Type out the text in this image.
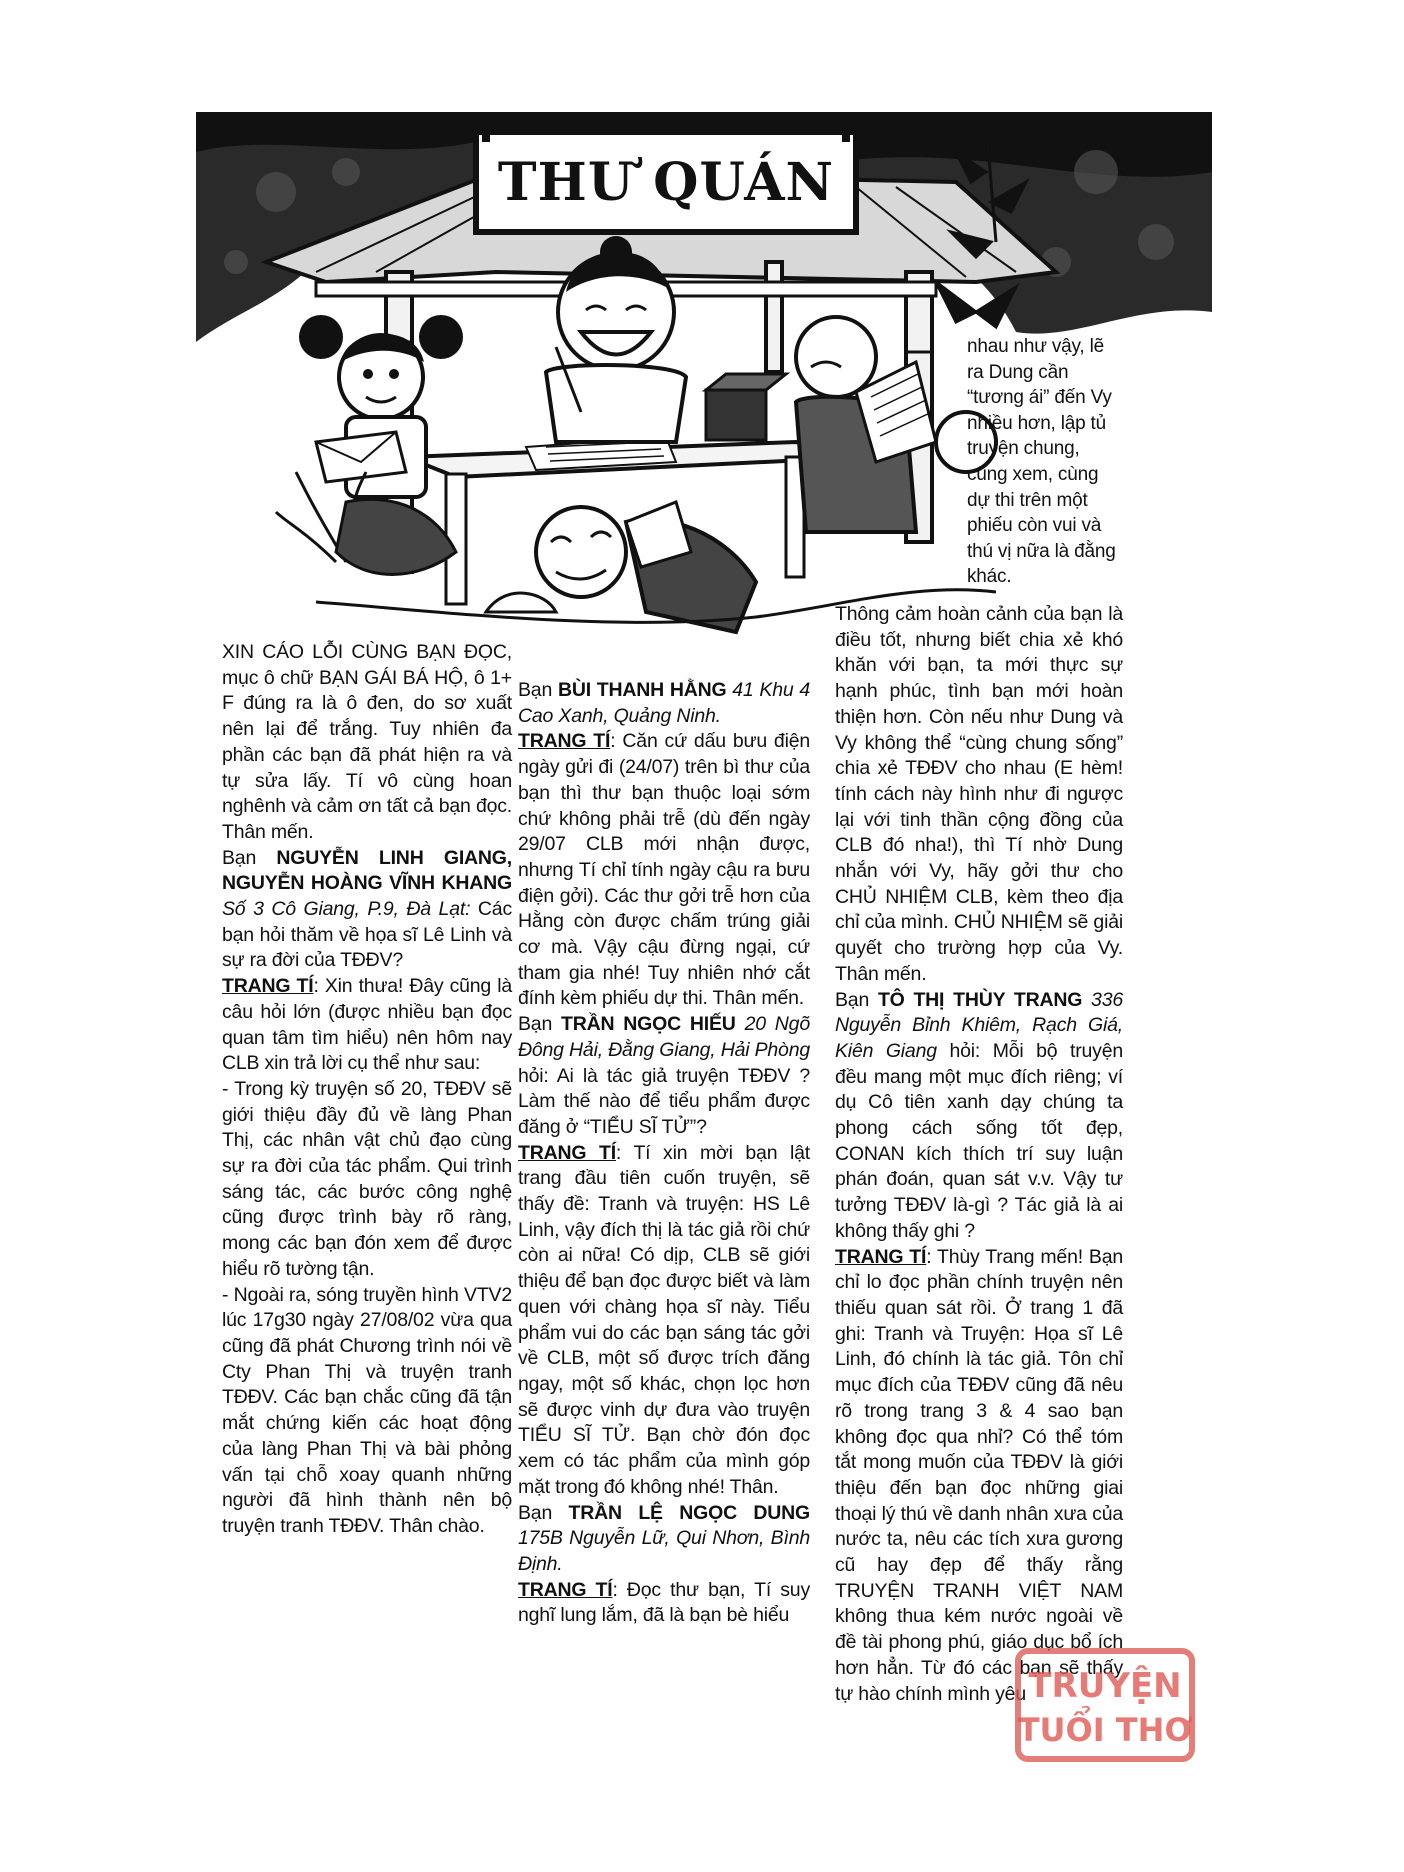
THƯ QUÁN

nhau như vậy, lẽ ra Dung cần “tương ái” đến Vy nhiều hơn, lập tủ truyện chung, cùng xem, cùng dự thi trên một phiếu còn vui và thú vị nữa là đằng khác.

XIN CÁO LỖI CÙNG BẠN ĐỌC, mục ô chữ BẠN GÁI BÁ HỘ, ô 1+ F đúng ra là ô đen, do sơ xuất nên lại để trắng. Tuy nhiên đa phần các bạn đã phát hiện ra và tự sửa lấy. Tí vô cùng hoan nghênh và cảm ơn tất cả bạn đọc. Thân mến.

Bạn NGUYỄN LINH GIANG, NGUYỄN HOÀNG VĨNH KHANG Số 3 Cô Giang, P.9, Đà Lạt: Các bạn hỏi thăm về họa sĩ Lê Linh và sự ra đời của TĐĐV?

TRANG TÍ: Xin thưa! Đây cũng là câu hỏi lớn (được nhiều bạn đọc quan tâm tìm hiểu) nên hôm nay CLB xin trả lời cụ thể như sau:

- Trong kỳ truyện số 20, TĐĐV sẽ giới thiệu đầy đủ về làng Phan Thị, các nhân vật chủ đạo cùng sự ra đời của tác phẩm. Qui trình sáng tác, các bước công nghệ cũng được trình bày rõ ràng, mong các bạn đón xem để được hiểu rõ tường tận.

- Ngoài ra, sóng truyền hình VTV2 lúc 17g30 ngày 27/08/02 vừa qua cũng đã phát Chương trình nói về Cty Phan Thị và truyện tranh TĐĐV. Các bạn chắc cũng đã tận mắt chứng kiến các hoạt động của làng Phan Thị và bài phỏng vấn tại chỗ xoay quanh những người đã hình thành nên bộ truyện tranh TĐĐV. Thân chào.

Bạn BÙI THANH HẰNG 41 Khu 4 Cao Xanh, Quảng Ninh.

TRANG TÍ: Căn cứ dấu bưu điện ngày gửi đi (24/07) trên bì thư của bạn thì thư bạn thuộc loại sớm chứ không phải trễ (dù đến ngày 29/07 CLB mới nhận được, nhưng Tí chỉ tính ngày cậu ra bưu điện gởi). Các thư gởi trễ hơn của Hằng còn được chấm trúng giải cơ mà. Vậy cậu đừng ngại, cứ tham gia nhé! Tuy nhiên nhớ cắt đính kèm phiếu dự thi. Thân mến.

Bạn TRẦN NGỌC HIẾU 20 Ngõ Đông Hải, Đằng Giang, Hải Phòng hỏi: Ai là tác giả truyện TĐĐV ? Làm thế nào để tiểu phẩm được đăng ở “TIỂU SĨ TỬ”?

TRANG TÍ: Tí xin mời bạn lật trang đầu tiên cuốn truyện, sẽ thấy đề: Tranh và truyện: HS Lê Linh, vậy đích thị là tác giả rồi chứ còn ai nữa! Có dịp, CLB sẽ giới thiệu để bạn đọc được biết và làm quen với chàng họa sĩ này. Tiểu phẩm vui do các bạn sáng tác gởi về CLB, một số được trích đăng ngay, một số khác, chọn lọc hơn sẽ được vinh dự đưa vào truyện TIỂU SĨ TỬ. Bạn chờ đón đọc xem có tác phẩm của mình góp mặt trong đó không nhé! Thân.

Bạn TRẦN LỆ NGỌC DUNG 175B Nguyễn Lữ, Qui Nhơn, Bình Định.

TRANG TÍ: Đọc thư bạn, Tí suy nghĩ lung lắm, đã là bạn bè hiểu

Thông cảm hoàn cảnh của bạn là điều tốt, nhưng biết chia xẻ khó khăn với bạn, ta mới thực sự hạnh phúc, tình bạn mới hoàn thiện hơn. Còn nếu như Dung và Vy không thể “cùng chung sống” chia xẻ TĐĐV cho nhau (E hèm! tính cách này hình như đi ngược lại với tinh thần cộng đồng của CLB đó nha!), thì Tí nhờ Dung nhắn với Vy, hãy gởi thư cho CHỦ NHIỆM CLB, kèm theo địa chỉ của mình. CHỦ NHIỆM sẽ giải quyết cho trường hợp của Vy. Thân mến.

Bạn TÔ THỊ THÙY TRANG 336 Nguyễn Bỉnh Khiêm, Rạch Giá, Kiên Giang hỏi: Mỗi bộ truyện đều mang một mục đích riêng; ví dụ Cô tiên xanh dạy chúng ta phong cách sống tốt đẹp, CONAN kích thích trí suy luận phán đoán, quan sát v.v. Vậy tư tưởng TĐĐV là-gì ? Tác giả là ai không thấy ghi ?

TRANG TÍ: Thùy Trang mến! Bạn chỉ lo đọc phần chính truyện nên thiếu quan sát rồi. Ở trang 1 đã ghi: Tranh và Truyện: Họa sĩ Lê Linh, đó chính là tác giả. Tôn chỉ mục đích của TĐĐV cũng đã nêu rõ trong trang 3 & 4 sao bạn không đọc qua nhỉ? Có thể tóm tắt mong muốn của TĐĐV là giới thiệu đến bạn đọc những giai thoại lý thú về danh nhân xưa của nước ta, nêu các tích xưa gương cũ hay đẹp để thấy rằng TRUYỆN TRANH VIỆT NAM không thua kém nước ngoài về đề tài phong phú, giáo dục bổ ích hơn hẳn. Từ đó các bạn sẽ thấy tự hào chính mình yêu TRUYỆN
TUỔI THƠ
